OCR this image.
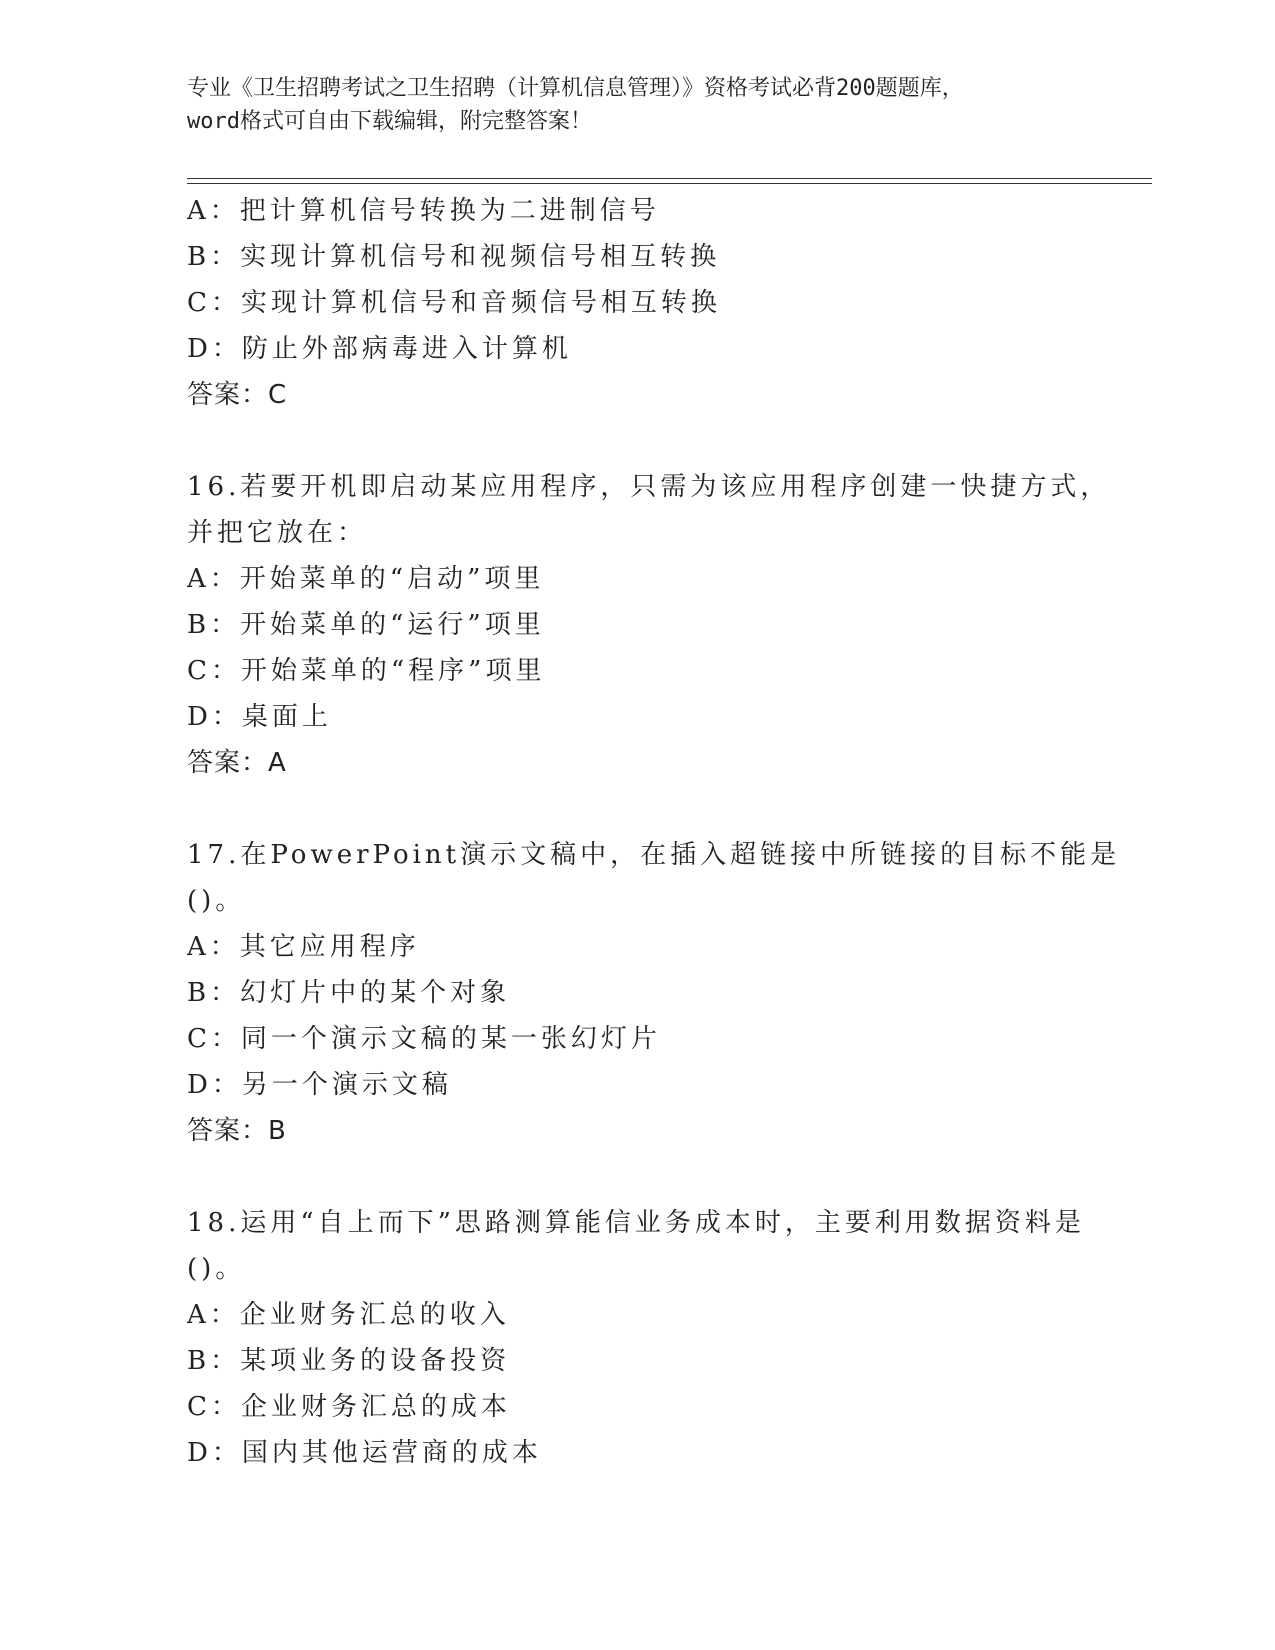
专业《卫生招聘考试之卫生招聘（计算机信息管理）》资格考试必背200题题库，
word格式可自由下载编辑，附完整答案！
A：把计算机信号转换为二进制信号
B：实现计算机信号和视频信号相互转换
C：实现计算机信号和音频信号相互转换
D：防止外部病毒进入计算机
答案：C
16.若要开机即启动某应用程序，只需为该应用程序创建一快捷方式，
并把它放在：
A：开始菜单的“启动”项里
B：开始菜单的“运行”项里
C：开始菜单的“程序”项里
D：桌面上
答案：A
17.在PowerPoint演示文稿中，在插入超链接中所链接的目标不能是
()。
A：其它应用程序
B：幻灯片中的某个对象
C：同一个演示文稿的某一张幻灯片
D：另一个演示文稿
答案：B
18.运用“自上而下”思路测算能信业务成本时，主要利用数据资料是
()。
A：企业财务汇总的收入
B：某项业务的设备投资
C：企业财务汇总的成本
D：国内其他运营商的成本
